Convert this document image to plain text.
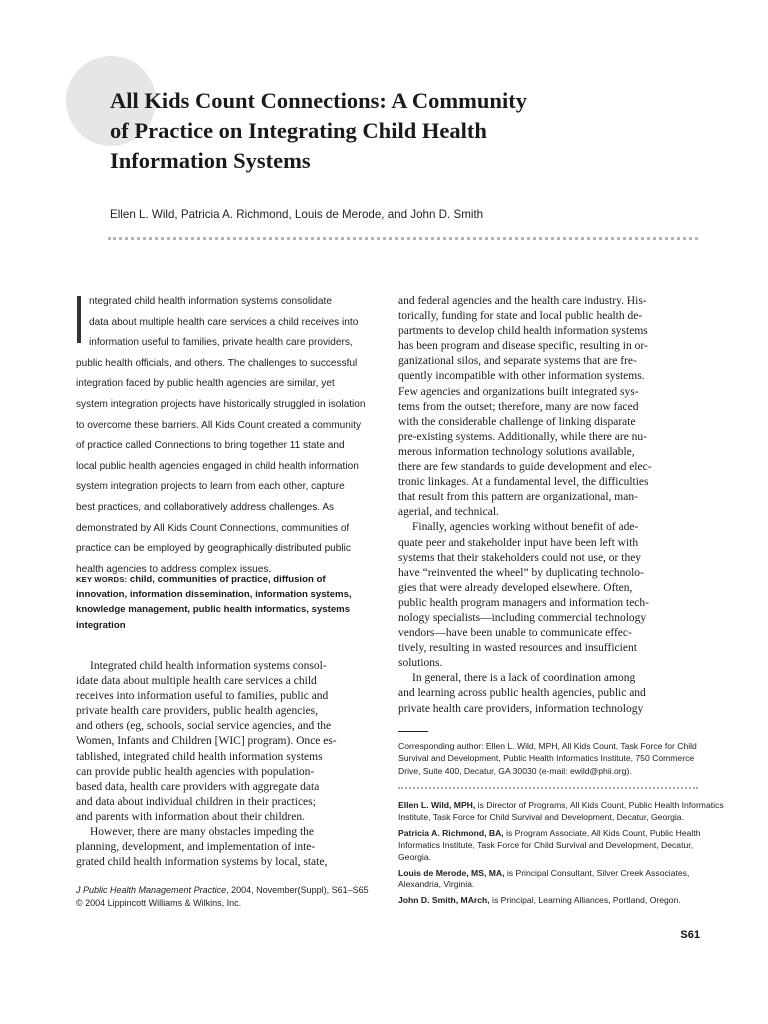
All Kids Count Connections: A Community
of Practice on Integrating Child Health
Information Systems
Ellen L. Wild, Patricia A. Richmond, Louis de Merode, and John D. Smith
ntegrated child health information systems consolidate
data about multiple health care services a child receives into
information useful to families, private health care providers,
public health officials, and others. The challenges to successful
integration faced by public health agencies are similar, yet
system integration projects have historically struggled in isolation
to overcome these barriers. All Kids Count created a community
of practice called Connections to bring together 11 state and
local public health agencies engaged in child health information
system integration projects to learn from each other, capture
best practices, and collaboratively address challenges. As
demonstrated by All Kids Count Connections, communities of
practice can be employed by geographically distributed public
health agencies to address complex issues.
KEY WORDS: child, communities of practice, diffusion of
innovation, information dissemination, information systems,
knowledge management, public health informatics, systems
integration
Integrated child health information systems consol-
idate data about multiple health care services a child
receives into information useful to families, public and
private health care providers, public health agencies,
and others (eg, schools, social service agencies, and the
Women, Infants and Children [WIC] program). Once es-
tablished, integrated child health information systems
can provide public health agencies with population-
based data, health care providers with aggregate data
and data about individual children in their practices;
and parents with information about their children.
However, there are many obstacles impeding the
planning, development, and implementation of inte-
grated child health information systems by local, state,
and federal agencies and the health care industry. His-
torically, funding for state and local public health de-
partments to develop child health information systems
has been program and disease specific, resulting in or-
ganizational silos, and separate systems that are fre-
quently incompatible with other information systems.
Few agencies and organizations built integrated sys-
tems from the outset; therefore, many are now faced
with the considerable challenge of linking disparate
pre-existing systems. Additionally, while there are nu-
merous information technology solutions available,
there are few standards to guide development and elec-
tronic linkages. At a fundamental level, the difficulties
that result from this pattern are organizational, man-
agerial, and technical.
Finally, agencies working without benefit of ade-
quate peer and stakeholder input have been left with
systems that their stakeholders could not use, or they
have “reinvented the wheel” by duplicating technolo-
gies that were already developed elsewhere. Often,
public health program managers and information tech-
nology specialists—including commercial technology
vendors—have been unable to communicate effec-
tively, resulting in wasted resources and insufficient
solutions.
In general, there is a lack of coordination among
and learning across public health agencies, public and
private health care providers, information technology
J Public Health Management Practice, 2004, November(Suppl), S61–S65
© 2004 Lippincott Williams & Wilkins, Inc.
Corresponding author: Ellen L. Wild, MPH, All Kids Count, Task Force for Child
Survival and Development, Public Health Informatics Institute, 750 Commerce
Drive, Suite 400, Decatur, GA 30030 (e-mail: ewild@phii.org).
Ellen L. Wild, MPH, is Director of Programs, All Kids Count, Public Health Informatics
Institute, Task Force for Child Survival and Development, Decatur, Georgia.
Patricia A. Richmond, BA, is Program Associate, All Kids Count, Public Health
Informatics Institute, Task Force for Child Survival and Development, Decatur,
Georgia.
Louis de Merode, MS, MA, is Principal Consultant, Silver Creek Associates,
Alexandria, Virginia.
John D. Smith, MArch, is Principal, Learning Alliances, Portland, Oregon.
S61
